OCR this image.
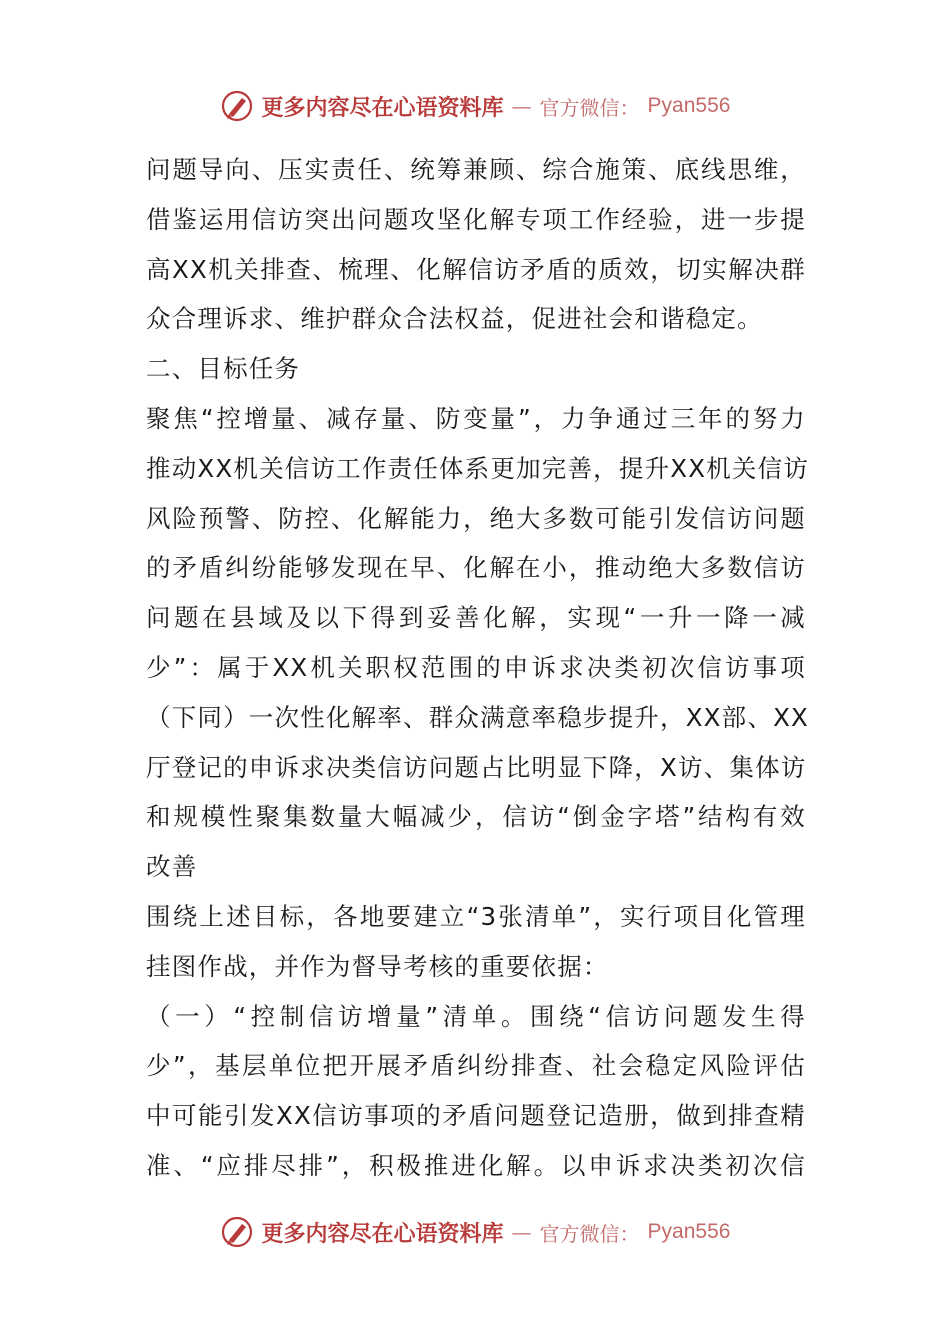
更多内容尽在心语资料库 — 官方微信： Pyan556
问题导向、压实责任、统筹兼顾、综合施策、底线思维，
借鉴运用信访突出问题攻坚化解专项工作经验，进一步提
高XX机关排查、梳理、化解信访矛盾的质效，切实解决群
众合理诉求、维护群众合法权益，促进社会和谐稳定。
二、目标任务
聚焦“控增量、减存量、防变量”，力争通过三年的努力
推动XX机关信访工作责任体系更加完善，提升XX机关信访
风险预警、防控、化解能力，绝大多数可能引发信访问题
的矛盾纠纷能够发现在早、化解在小，推动绝大多数信访
问题在县域及以下得到妥善化解，实现“一升一降一减
少”：属于XX机关职权范围的申诉求决类初次信访事项
（下同）一次性化解率、群众满意率稳步提升，XX部、XX
厅登记的申诉求决类信访问题占比明显下降，X访、集体访
和规模性聚集数量大幅减少，信访“倒金字塔”结构有效
改善
围绕上述目标，各地要建立“3张清单”，实行项目化管理
挂图作战，并作为督导考核的重要依据：
（一）“控制信访增量”清单。围绕“信访问题发生得
少”，基层单位把开展矛盾纠纷排查、社会稳定风险评估
中可能引发XX信访事项的矛盾问题登记造册，做到排查精
准、“应排尽排”，积极推进化解。以申诉求决类初次信
更多内容尽在心语资料库 — 官方微信： Pyan556
